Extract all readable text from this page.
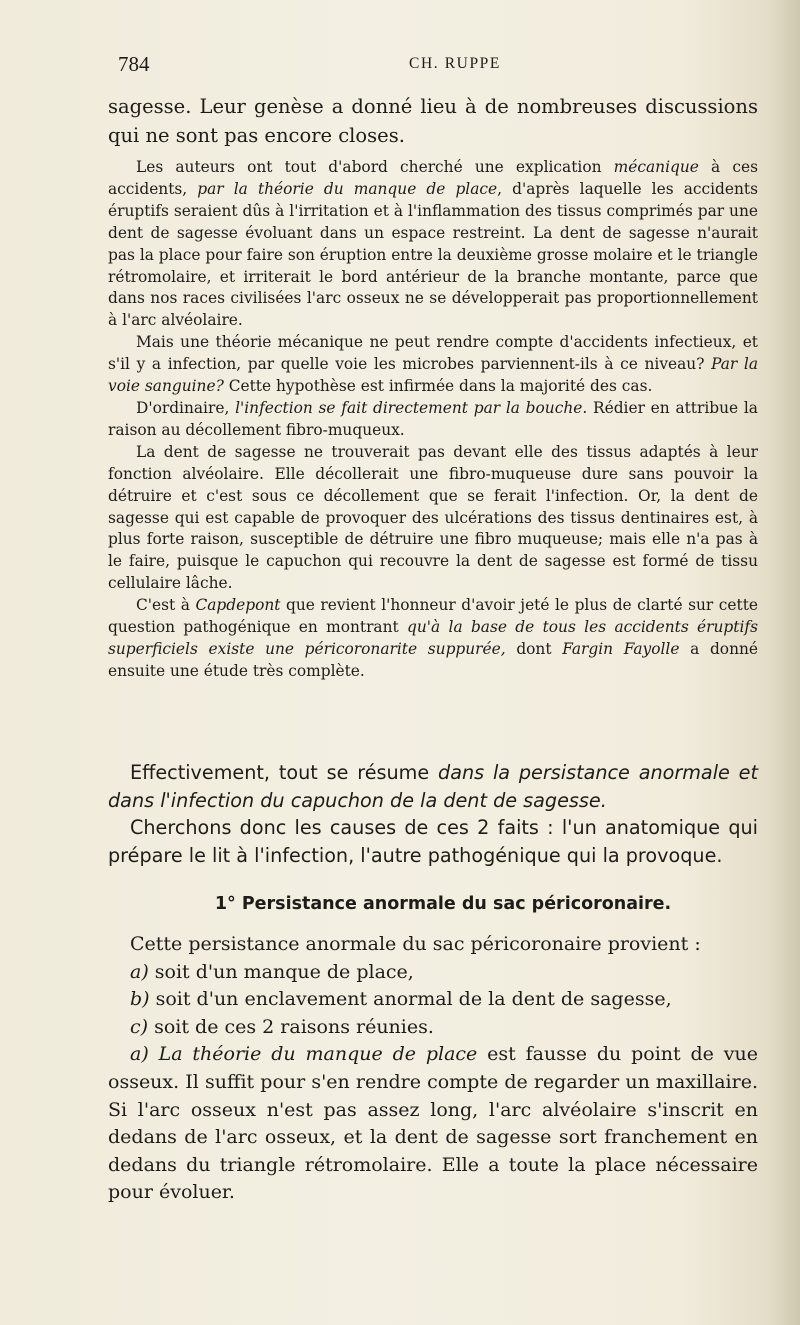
784	CH. RUPPE

sagesse. Leur genèse a donné lieu à de nombreuses discussions qui ne sont pas encore closes.

Les auteurs ont tout d'abord cherché une explication mécanique à ces accidents, par la théorie du manque de place, d'après laquelle les accidents éruptifs seraient dûs à l'irritation et à l'inflammation des tissus comprimés par une dent de sagesse évoluant dans un espace restreint. La dent de sagesse n'aurait pas la place pour faire son éruption entre la deuxième grosse molaire et le triangle rétromolaire, et irriterait le bord antérieur de la branche montante, parce que dans nos races civilisées l'arc osseux ne se développerait pas proportionnellement à l'arc alvéolaire.

Mais une théorie mécanique ne peut rendre compte d'accidents infectieux, et s'il y a infection, par quelle voie les microbes parviennent-ils à ce niveau? Par la voie sanguine? Cette hypothèse est infirmée dans la majorité des cas.

D'ordinaire, l'infection se fait directement par la bouche. Rédier en attribue la raison au décollement fibro-muqueux.

La dent de sagesse ne trouverait pas devant elle des tissus adaptés à leur fonction alvéolaire. Elle décollerait une fibro-muqueuse dure sans pouvoir la détruire et c'est sous ce décollement que se ferait l'infection. Or, la dent de sagesse qui est capable de provoquer des ulcérations des tissus dentinaires est, à plus forte raison, susceptible de détruire une fibro muqueuse; mais elle n'a pas à le faire, puisque le capuchon qui recouvre la dent de sagesse est formé de tissu cellulaire lâche.

C'est à Capdepont que revient l'honneur d'avoir jeté le plus de clarté sur cette question pathogénique en montrant qu'à la base de tous les accidents éruptifs superficiels existe une péricoronarite suppurée, dont Fargin Fayolle a donné ensuite une étude très complète.

Effectivement, tout se résume dans la persistance anormale et dans l'infection du capuchon de la dent de sagesse.

Cherchons donc les causes de ces 2 faits : l'un anatomique qui prépare le lit à l'infection, l'autre pathogénique qui la provoque.

1° Persistance anormale du sac péricoronaire.

Cette persistance anormale du sac péricoronaire provient :

a) soit d'un manque de place,

b) soit d'un enclavement anormal de la dent de sagesse,

c) soit de ces 2 raisons réunies.

a) La théorie du manque de place est fausse du point de vue osseux. Il suffit pour s'en rendre compte de regarder un maxillaire. Si l'arc osseux n'est pas assez long, l'arc alvéolaire s'inscrit en dedans de l'arc osseux, et la dent de sagesse sort franchement en dedans du triangle rétromolaire. Elle a toute la place nécessaire pour évoluer.
